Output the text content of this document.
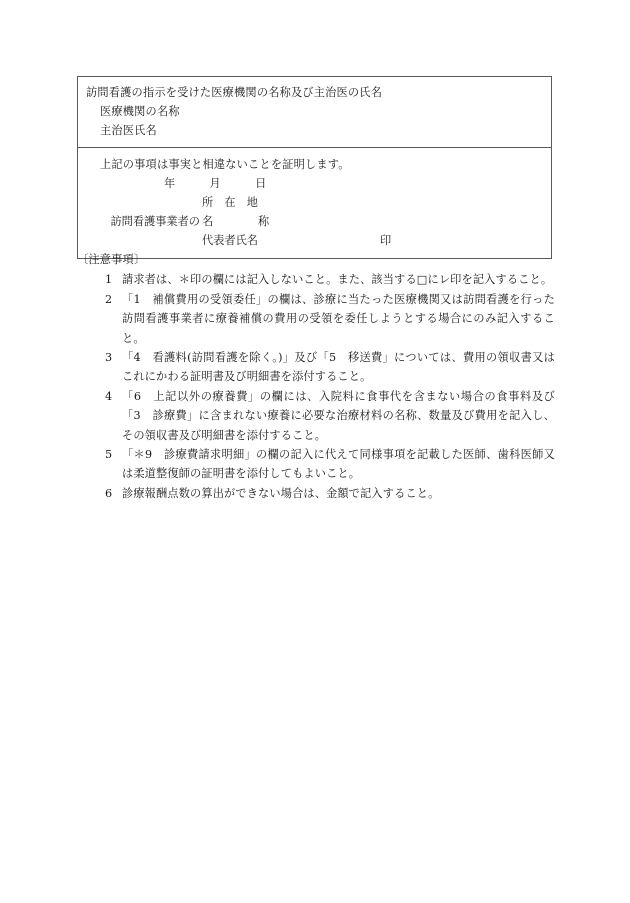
訪問看護の指示を受けた医療機関の名称及び主治医の氏名
医療機関の名称
主治医氏名
上記の事項は事実と相違ないことを証明します。
年　　　月　　　日
所　在　地
訪問看護事業者の 名　　　　称
代表者氏名	印
〔注意事項〕
1 請求者は、＊印の欄には記入しないこと。また、該当する□にレ印を記入すること。
2 「1　補償費用の受領委任」の欄は、診療に当たった医療機関又は訪問看護を行った訪問看護事業者に療養補償の費用の受領を委任しようとする場合にのみ記入すること。
3 「4　看護料(訪問看護を除く。)」及び「5　移送費」については、費用の領収書又はこれにかわる証明書及び明細書を添付すること。
4 「6　上記以外の療養費」の欄には、入院料に食事代を含まない場合の食事料及び「3　診療費」に含まれない療養に必要な治療材料の名称、数量及び費用を記入し、その領収書及び明細書を添付すること。
5 「＊9　診療費請求明細」の欄の記入に代えて同様事項を記載した医師、歯科医師又は柔道整復師の証明書を添付してもよいこと。
6 診療報酬点数の算出ができない場合は、金額で記入すること。
